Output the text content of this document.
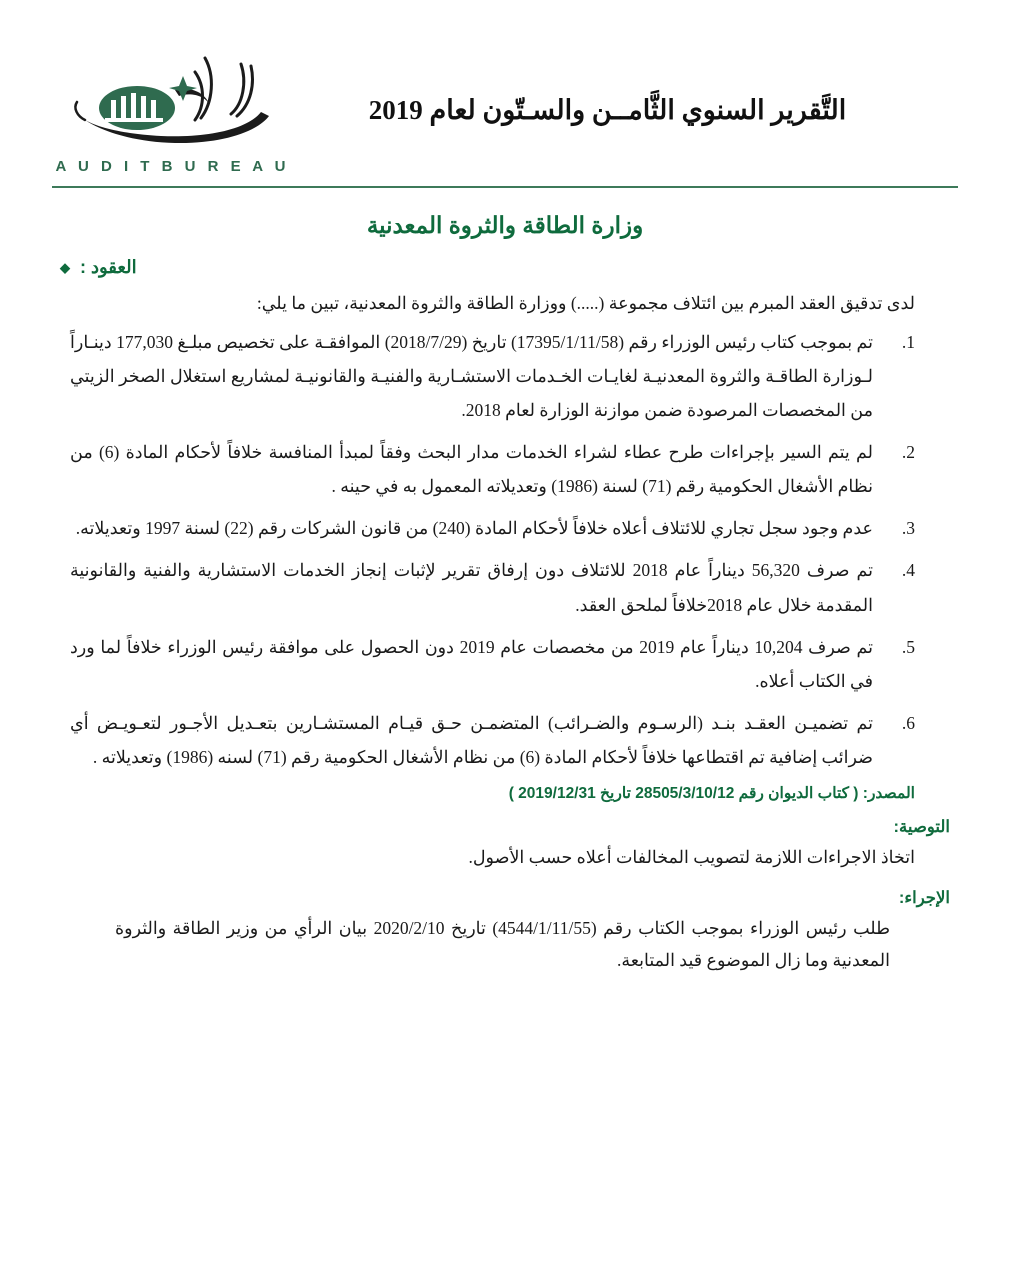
A U D I T B U R E A U
التَّقرير السنوي الثَّامــن والسـتّون لعام 2019
وزارة الطاقة والثروة المعدنية
العقود :
◆

لدى تدقيق العقد المبرم بين ائتلاف مجموعة (.....) ووزارة الطاقة والثروة المعدنية، تبين ما يلي:

تم بموجب كتاب رئيس الوزراء رقم (17395/1/11/58) تاريخ (2018/7/29) الموافقـة على تخصيص مبلـغ 177,030 دينـاراً لـوزارة الطاقـة والثروة المعدنيـة لغايـات الخـدمات الاستشـارية والفنيـة والقانونيـة لمشاريع استغلال الصخر الزيتي من المخصصات المرصودة ضمن موازنة الوزارة لعام 2018.
لم يتم السير بإجراءات طرح عطاء لشراء الخدمات مدار البحث وفقاً لمبدأ المنافسة خلافاً لأحكام المادة (6) من نظام الأشغال الحكومية رقم (71) لسنة (1986) وتعديلاته المعمول به في حينه .
عدم وجود سجل تجاري للائتلاف أعلاه خلافاً لأحكام المادة (240) من قانون الشركات رقم (22) لسنة 1997 وتعديلاته.
تم صرف 56,320 ديناراً عام 2018 للائتلاف دون إرفاق تقرير لإثبات إنجاز الخدمات الاستشارية والفنية والقانونية المقدمة خلال عام 2018خلافاً لملحق العقد.
تم صرف 10,204 ديناراً عام 2019 من مخصصات عام 2019 دون الحصول على موافقة رئيس الوزراء خلافاً لما ورد في الكتاب أعلاه.
تم تضميـن العقـد بنـد (الرسـوم والضـرائب) المتضمـن حـق قيـام المستشـارين بتعـديل الأجـور لتعـويـض أي ضرائب إضافية تم اقتطاعها خلافاً لأحكام المادة (6) من نظام الأشغال الحكومية رقم (71) لسنه (1986) وتعديلاته .
المصدر: ( كتاب الديوان رقم 28505/3/10/12 تاريخ 2019/12/31 )
التوصية:

اتخاذ الاجراءات اللازمة لتصويب المخالفات أعلاه حسب الأصول.

الإجراء:

طلب رئيس الوزراء بموجب الكتاب رقم (4544/1/11/55) تاريخ 2020/2/10 بيان الرأي من وزير الطاقة والثروة المعدنية وما زال الموضوع قيد المتابعة.
